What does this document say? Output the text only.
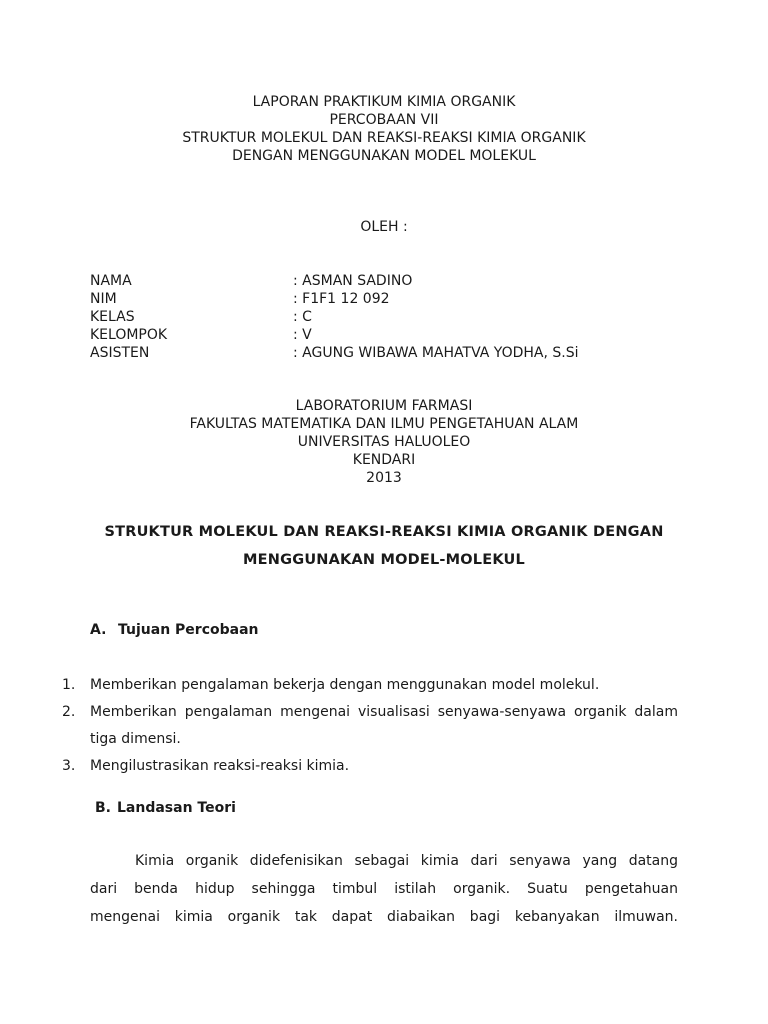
LAPORAN PRAKTIKUM KIMIA ORGANIK
PERCOBAAN VII
STRUKTUR MOLEKUL DAN REAKSI-REAKSI KIMIA ORGANIK
DENGAN MENGGUNAKAN MODEL MOLEKUL
OLEH :
NAMA	: ASMAN SADINO
NIM	: F1F1 12 092
KELAS	: C
KELOMPOK	: V
ASISTEN	: AGUNG WIBAWA MAHATVA YODHA, S.Si
LABORATORIUM FARMASI
FAKULTAS MATEMATIKA DAN ILMU PENGETAHUAN ALAM
UNIVERSITAS HALUOLEO
KENDARI
2013
STRUKTUR MOLEKUL DAN REAKSI-REAKSI KIMIA ORGANIK DENGAN
MENGGUNAKAN MODEL-MOLEKUL
A. Tujuan Percobaan
1.	Memberikan pengalaman bekerja dengan menggunakan model molekul.
2.	Memberikan pengalaman mengenai visualisasi senyawa-senyawa organik dalam tiga dimensi.
3.	Mengilustrasikan reaksi-reaksi kimia.
B. Landasan Teori
Kimia organik didefenisikan sebagai kimia dari senyawa yang datang
dari benda hidup sehingga timbul istilah organik. Suatu pengetahuan
mengenai kimia organik tak dapat diabaikan bagi kebanyakan ilmuwan.
